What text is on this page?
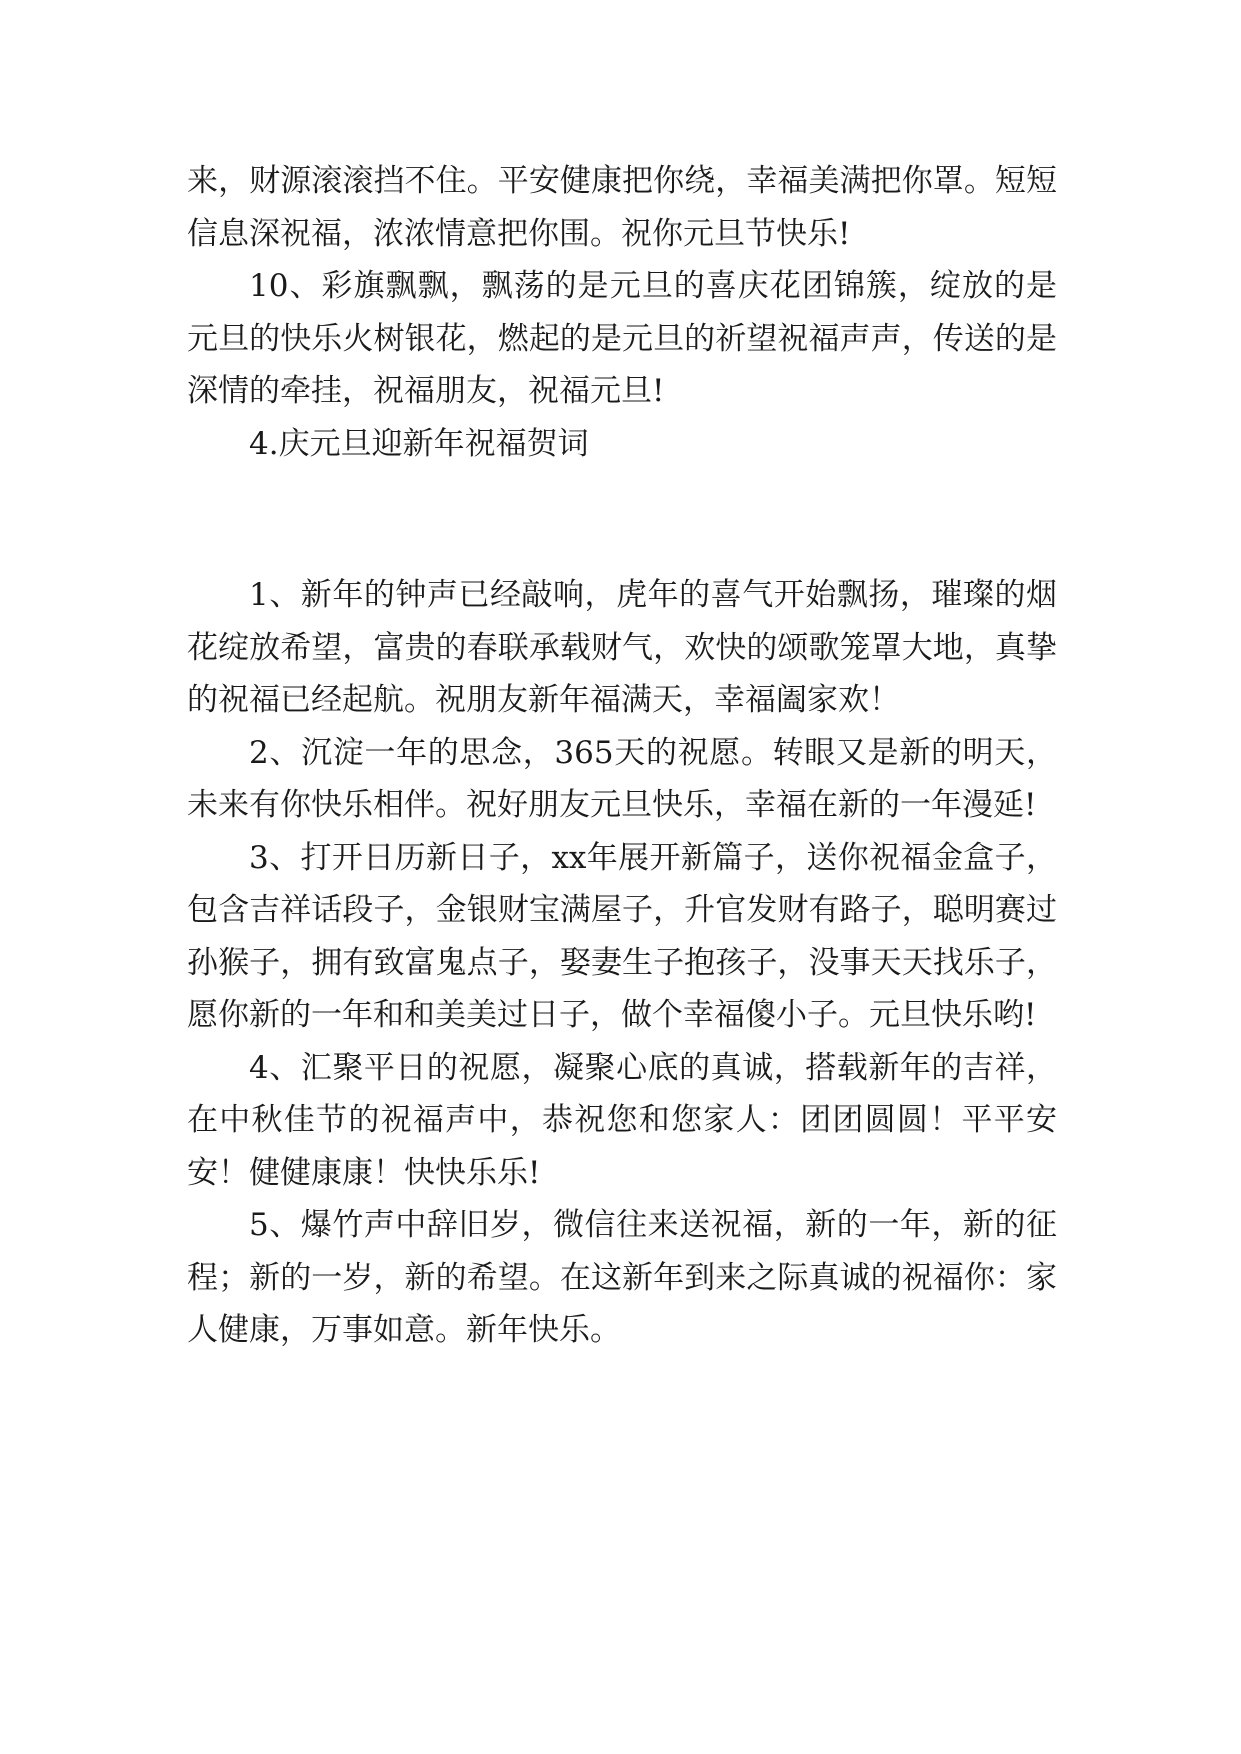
来，财源滚滚挡不住。平安健康把你绕，幸福美满把你罩。短短信息深祝福，浓浓情意把你围。祝你元旦节快乐!

10、彩旗飘飘，飘荡的是元旦的喜庆花团锦簇，绽放的是元旦的快乐火树银花，燃起的是元旦的祈望祝福声声，传送的是深情的牵挂，祝福朋友，祝福元旦!

4.庆元旦迎新年祝福贺词

1、新年的钟声已经敲响，虎年的喜气开始飘扬，璀璨的烟花绽放希望，富贵的春联承载财气，欢快的颂歌笼罩大地，真挚的祝福已经起航。祝朋友新年福满天，幸福阖家欢！

2、沉淀一年的思念，365天的祝愿。转眼又是新的明天，未来有你快乐相伴。祝好朋友元旦快乐，幸福在新的一年漫延!

3、打开日历新日子，xx年展开新篇子，送你祝福金盒子，包含吉祥话段子，金银财宝满屋子，升官发财有路子，聪明赛过孙猴子，拥有致富鬼点子，娶妻生子抱孩子，没事天天找乐子，愿你新的一年和和美美过日子，做个幸福傻小子。元旦快乐哟!

4、汇聚平日的祝愿，凝聚心底的真诚，搭载新年的吉祥，在中秋佳节的祝福声中，恭祝您和您家人：团团圆圆！平平安安！健健康康！快快乐乐!

5、爆竹声中辞旧岁，微信往来送祝福，新的一年，新的征程；新的一岁，新的希望。在这新年到来之际真诚的祝福你：家人健康，万事如意。新年快乐。
